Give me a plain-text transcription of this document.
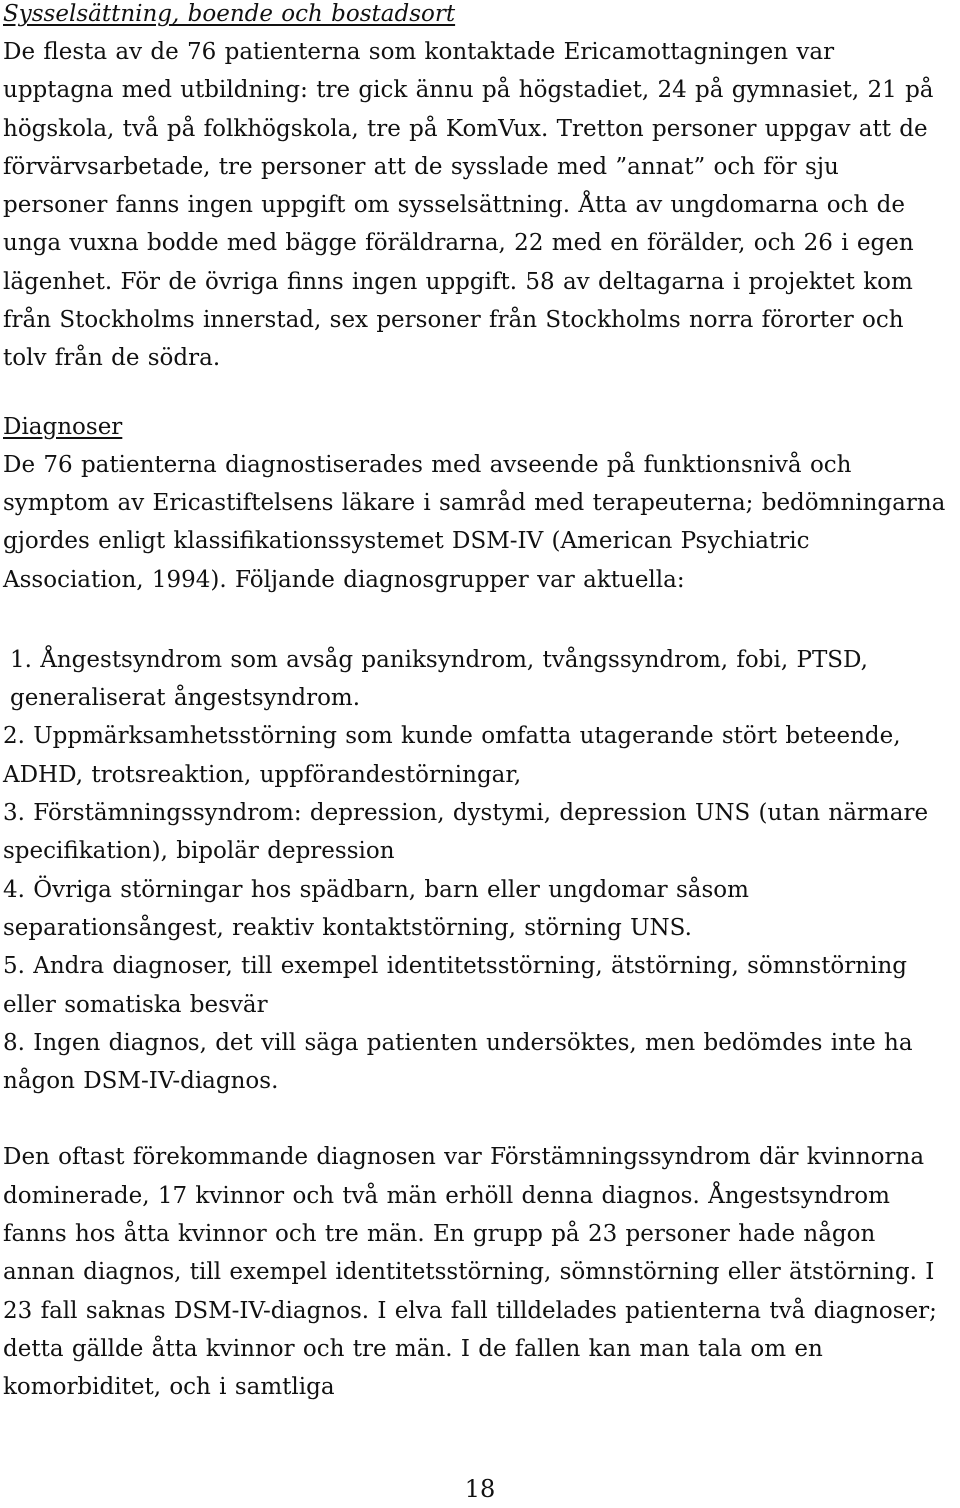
Sysselsättning, boende och bostadsort

De flesta av de 76 patienterna som kontaktade Ericamottagningen var upptagna med utbildning: tre gick ännu på högstadiet, 24 på gymnasiet, 21 på högskola, två på folkhögskola, tre på KomVux. Tretton personer uppgav att de förvärvsarbetade, tre personer att de sysslade med ”annat” och för sju personer fanns ingen uppgift om sysselsättning. Åtta av ungdomarna och de unga vuxna bodde med bägge föräldrarna, 22 med en förälder, och 26 i egen lägenhet. För de övriga finns ingen uppgift. 58 av deltagarna i projektet kom från Stockholms innerstad, sex personer från Stockholms norra förorter och tolv från de södra.

Diagnoser

De 76 patienterna diagnostiserades med avseende på funktionsnivå och symptom av Ericastiftelsens läkare i samråd med terapeuterna; bedömningarna gjordes enligt klassifikationssystemet DSM-IV (American Psychiatric Association, 1994). Följande diagnosgrupper var aktuella:

1. Ångestsyndrom som avsåg paniksyndrom, tvångssyndrom, fobi, PTSD, generaliserat ångestsyndrom.

2. Uppmärksamhetsstörning som kunde omfatta utagerande stört beteende, ADHD, trotsreaktion, uppförandestörningar,

3. Förstämningssyndrom: depression, dystymi, depression UNS (utan närmare specifikation), bipolär depression

4. Övriga störningar hos spädbarn, barn eller ungdomar såsom separationsångest, reaktiv kontaktstörning, störning UNS.

5. Andra diagnoser, till exempel identitetsstörning, ätstörning, sömnstörning eller somatiska besvär

8. Ingen diagnos, det vill säga patienten undersöktes, men bedömdes inte ha någon DSM-IV-diagnos.

Den oftast förekommande diagnosen var Förstämningssyndrom där kvinnorna dominerade, 17 kvinnor och två män erhöll denna diagnos. Ångestsyndrom fanns hos åtta kvinnor och tre män. En grupp på 23 personer hade någon annan diagnos, till exempel identitetsstörning, sömnstörning eller ätstörning. I 23 fall saknas DSM-IV-diagnos. I elva fall tilldelades patienterna två diagnoser; detta gällde åtta kvinnor och tre män. I de fallen kan man tala om en komorbiditet, och i samtliga

18
